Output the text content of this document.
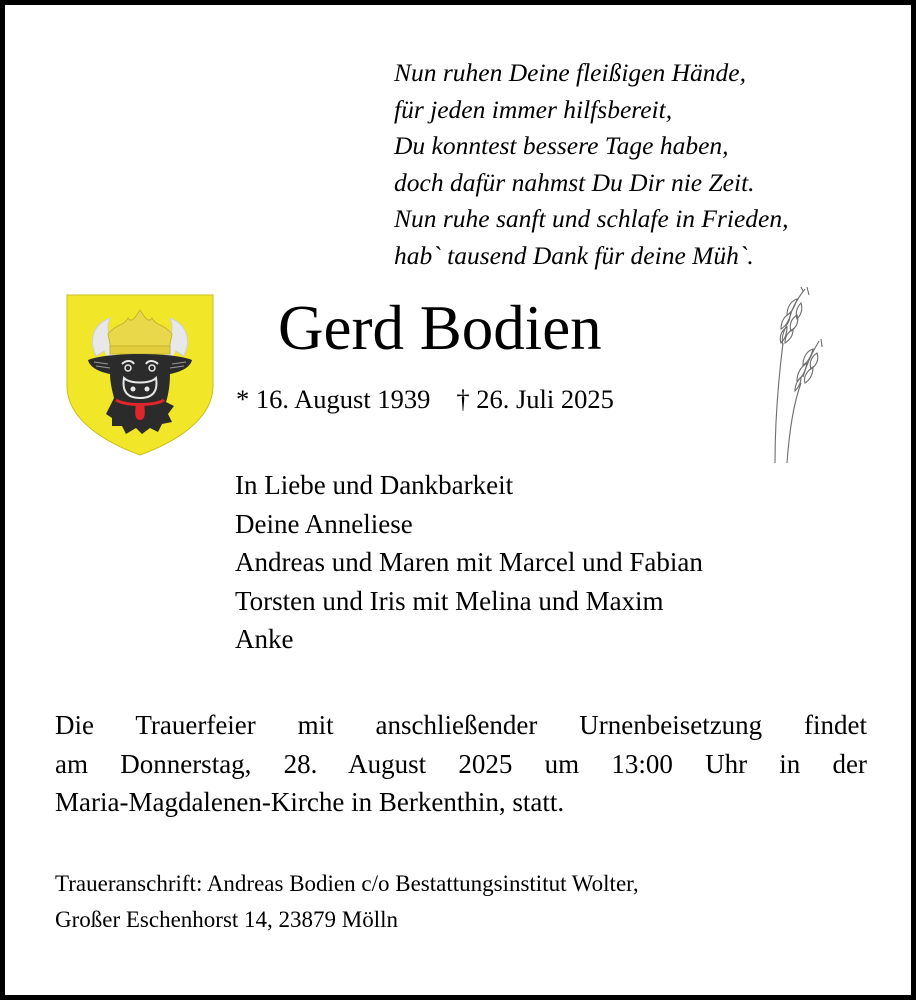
Nun ruhen Deine fleißigen Hände,
für jeden immer hilfsbereit,
Du konntest bessere Tage haben,
doch dafür nahmst Du Dir nie Zeit.
Nun ruhe sanft und schlafe in Frieden,
hab` tausend Dank für deine Müh`.
Gerd Bodien
* 16. August 1939 † 26. Juli 2025
In Liebe und Dankbarkeit
Deine Anneliese
Andreas und Maren mit Marcel und Fabian
Torsten und Iris mit Melina und Maxim
Anke
Die Trauerfeier mit anschließender Urnenbeisetzung findet
am Donnerstag, 28. August 2025 um 13:00 Uhr in der
Maria-Magdalenen-Kirche in Berkenthin, statt.
Traueranschrift: Andreas Bodien c/o Bestattungsinstitut Wolter,
Großer Eschenhorst 14, 23879 Mölln
